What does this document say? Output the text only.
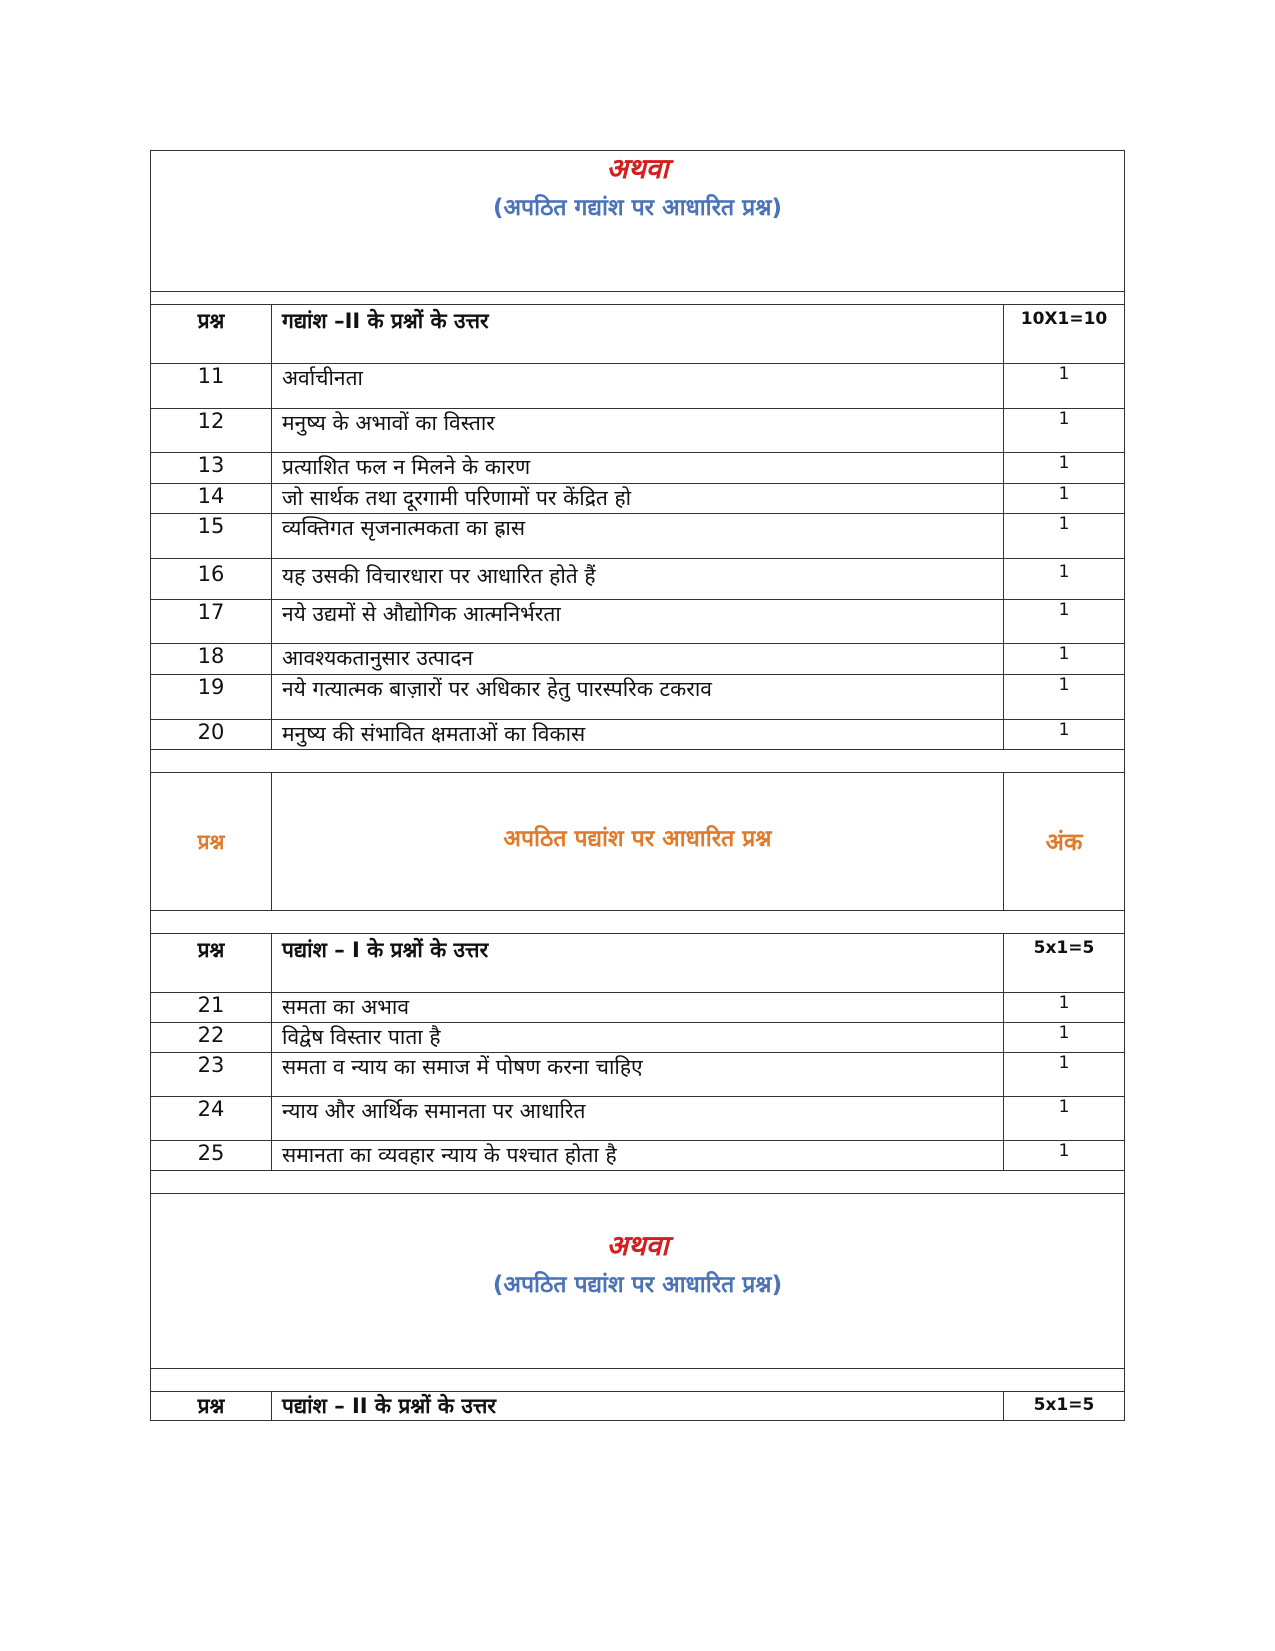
अथवा
(अपठित गद्यांश पर आधारित प्रश्न)		

प्रश्न	गद्यांश –II के प्रश्नों के उत्तर	10X1=10
11	अर्वाचीनता	1
12	मनुष्य के अभावों का विस्तार	1
13	प्रत्याशित फल न मिलने के कारण	1
14	जो सार्थक तथा दूरगामी परिणामों पर केंद्रित हो	1
15	व्यक्तिगत सृजनात्मकता का ह्रास	1
16	यह उसकी विचारधारा पर आधारित होते हैं	1
17	नये उद्यमों से औद्योगिक आत्मनिर्भरता	1
18	आवश्यकतानुसार उत्पादन	1
19	नये गत्यात्मक बाज़ारों पर अधिकार हेतु पारस्परिक टकराव	1
20	मनुष्य की संभावित क्षमताओं का विकास	1

प्रश्न	अपठित पद्यांश पर आधारित प्रश्न	अंक

प्रश्न	पद्यांश – I के प्रश्नों के उत्तर	5x1=5
21	समता का अभाव	1
22	विद्वेष विस्तार पाता है	1
23	समता व न्याय का समाज में पोषण करना चाहिए	1
24	न्याय और आर्थिक समानता पर आधारित	1
25	समानता का व्यवहार न्याय के पश्चात होता है	1

अथवा
(अपठित पद्यांश पर आधारित प्रश्न)		

प्रश्न	पद्यांश – II के प्रश्नों के उत्तर	5x1=5
